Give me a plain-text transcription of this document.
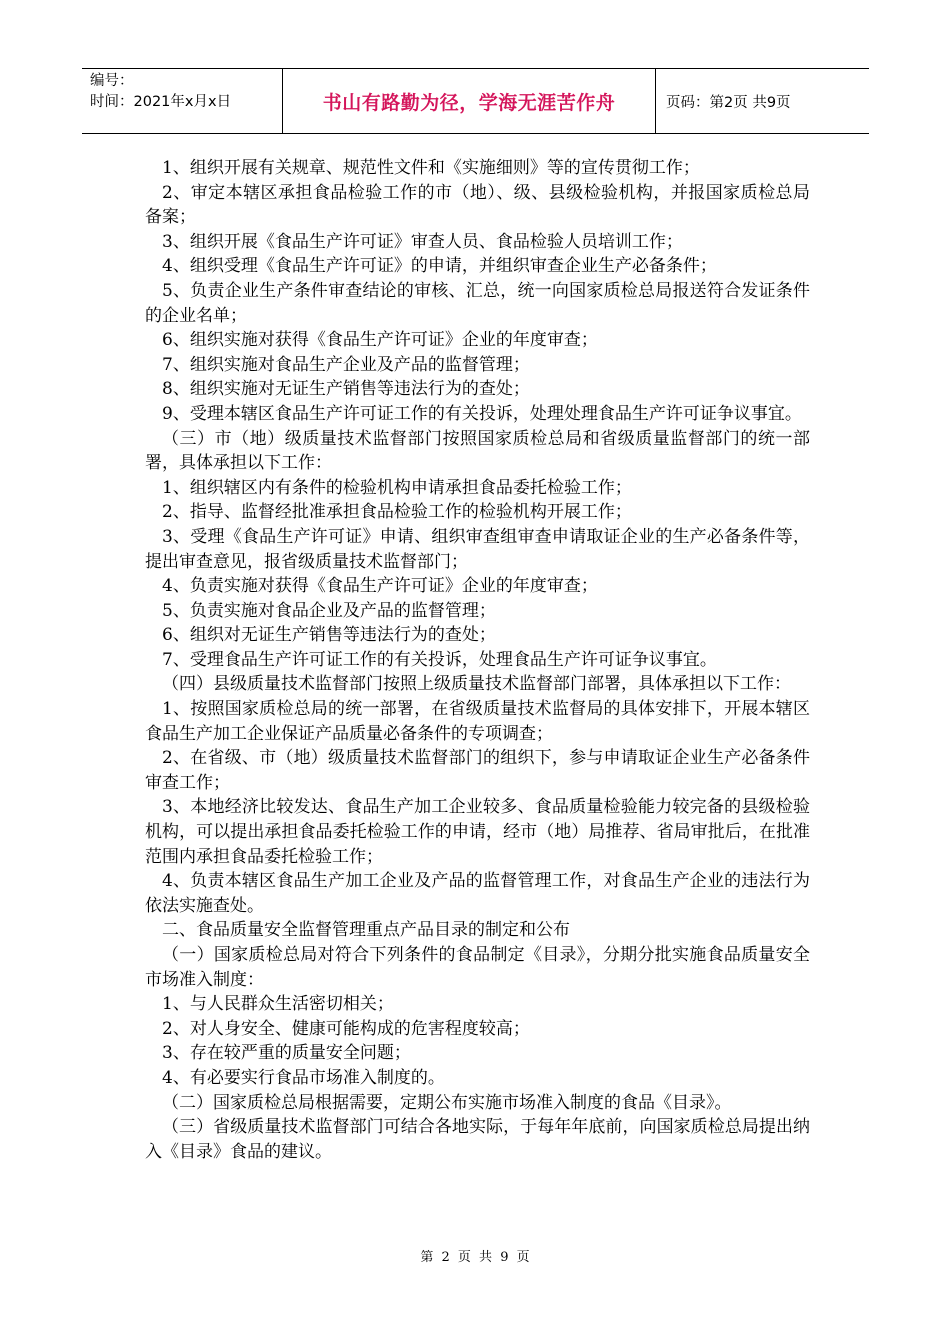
编号：
时间：2021年x月x日	书山有路勤为径，学海无涯苦作舟	页码：第2页 共9页

1、组织开展有关规章、规范性文件和《实施细则》等的宣传贯彻工作；

2、审定本辖区承担食品检验工作的市（地）、级、县级检验机构，并报国家质检总局备案；

3、组织开展《食品生产许可证》审查人员、食品检验人员培训工作；

4、组织受理《食品生产许可证》的申请，并组织审查企业生产必备条件；

5、负责企业生产条件审查结论的审核、汇总，统一向国家质检总局报送符合发证条件的企业名单；

6、组织实施对获得《食品生产许可证》企业的年度审查；

7、组织实施对食品生产企业及产品的监督管理；

8、组织实施对无证生产销售等违法行为的查处；

9、受理本辖区食品生产许可证工作的有关投诉，处理处理食品生产许可证争议事宜。

（三）市（地）级质量技术监督部门按照国家质检总局和省级质量监督部门的统一部署，具体承担以下工作：

1、组织辖区内有条件的检验机构申请承担食品委托检验工作；

2、指导、监督经批准承担食品检验工作的检验机构开展工作；

3、受理《食品生产许可证》申请、组织审查组审查申请取证企业的生产必备条件等，提出审查意见，报省级质量技术监督部门；

4、负责实施对获得《食品生产许可证》企业的年度审查；

5、负责实施对食品企业及产品的监督管理；

6、组织对无证生产销售等违法行为的查处；

7、受理食品生产许可证工作的有关投诉，处理食品生产许可证争议事宜。

（四）县级质量技术监督部门按照上级质量技术监督部门部署，具体承担以下工作：

1、按照国家质检总局的统一部署，在省级质量技术监督局的具体安排下，开展本辖区食品生产加工企业保证产品质量必备条件的专项调查；

2、在省级、市（地）级质量技术监督部门的组织下，参与申请取证企业生产必备条件审查工作；

3、本地经济比较发达、食品生产加工企业较多、食品质量检验能力较完备的县级检验机构，可以提出承担食品委托检验工作的申请，经市（地）局推荐、省局审批后，在批准范围内承担食品委托检验工作；

4、负责本辖区食品生产加工企业及产品的监督管理工作，对食品生产企业的违法行为依法实施查处。

二、食品质量安全监督管理重点产品目录的制定和公布

（一）国家质检总局对符合下列条件的食品制定《目录》，分期分批实施食品质量安全市场准入制度：

1、与人民群众生活密切相关；

2、对人身安全、健康可能构成的危害程度较高；

3、存在较严重的质量安全问题；

4、有必要实行食品市场准入制度的。

（二）国家质检总局根据需要，定期公布实施市场准入制度的食品《目录》。

（三）省级质量技术监督部门可结合各地实际，于每年年底前，向国家质检总局提出纳入《目录》食品的建议。

第 2 页 共 9 页
